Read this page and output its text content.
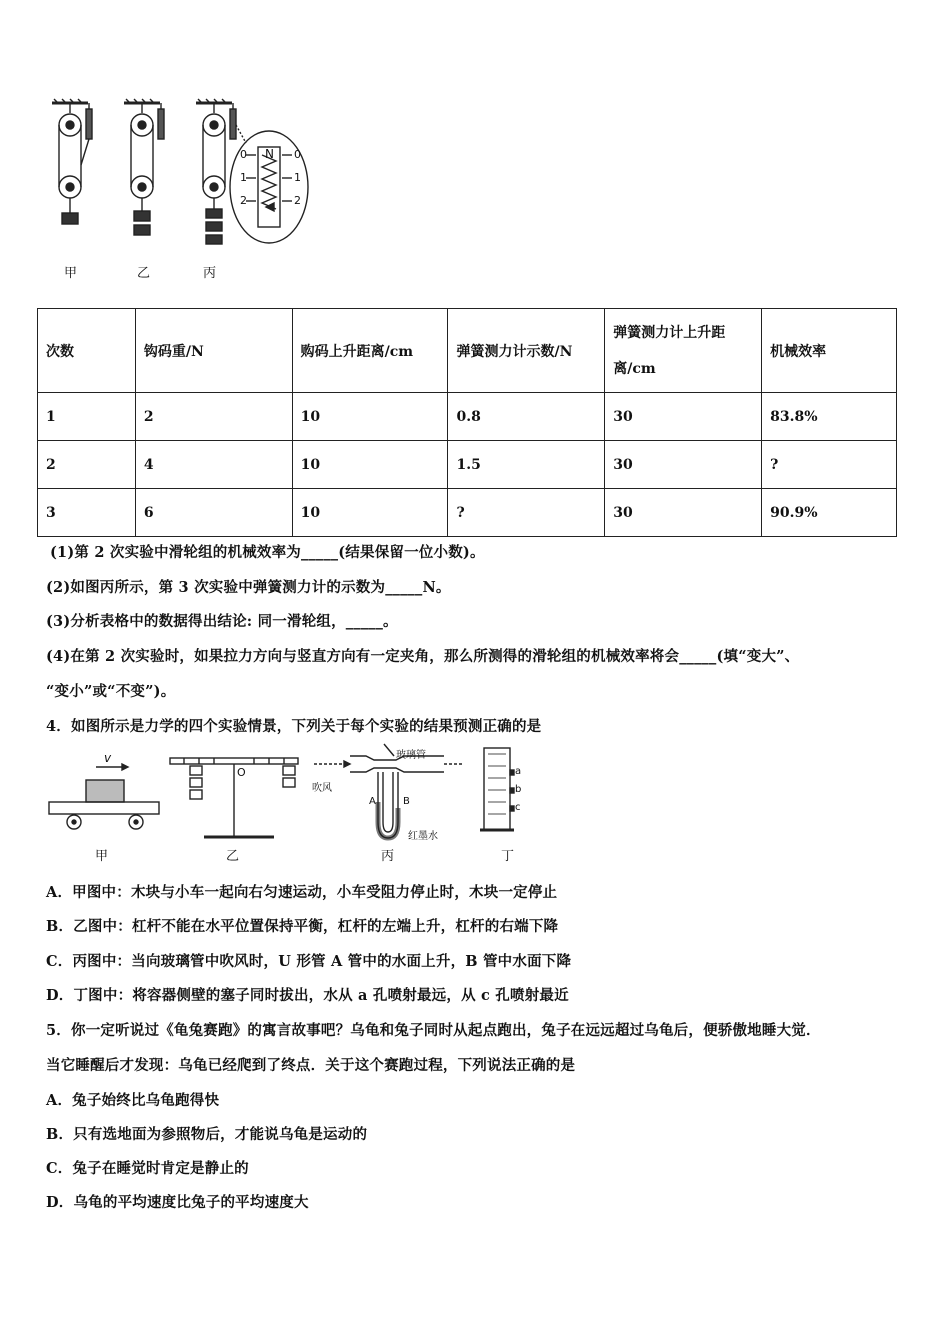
N
0
1
2
0
1
2
甲	乙	丙
次数	钩码重/N	购码上升距离/cm	弹簧测力计示数/N	弹簧测力计上升距离/cm	机械效率
1	2	10	0.8	30	83.8%
2	4	10	1.5	30	?
3	6	10	?	30	90.9%
(1)第 2 次实验中滑轮组的机械效率为_____(结果保留一位小数)。
(2)如图丙所示，第 3 次实验中弹簧测力计的示数为_____N。
(3)分析表格中的数据得出结论: 同一滑轮组，_____。
(4)在第 2 次实验时，如果拉力方向与竖直方向有一定夹角，那么所测得的滑轮组的机械效率将会_____(填“变大”、
“变小”或“不变”)。
4．如图所示是力学的四个实验情景，下列关于每个实验的结果预测正确的是
v
O
玻璃管
吹风
A	B
红墨水
a
b
c
甲	乙	丙	丁
A．甲图中：木块与小车一起向右匀速运动，小车受阻力停止时，木块一定停止
B．乙图中：杠杆不能在水平位置保持平衡，杠杆的左端上升，杠杆的右端下降
C．丙图中：当向玻璃管中吹风时，U 形管 A 管中的水面上升，B 管中水面下降
D．丁图中：将容器侧壁的塞子同时拔出，水从 a 孔喷射最远，从 c 孔喷射最近
5．你一定听说过《龟兔赛跑》的寓言故事吧？乌龟和兔子同时从起点跑出，兔子在远远超过乌龟后，便骄傲地睡大觉．
当它睡醒后才发现：乌龟已经爬到了终点．关于这个赛跑过程，下列说法正确的是
A．兔子始终比乌龟跑得快
B．只有选地面为参照物后，才能说乌龟是运动的
C．兔子在睡觉时肯定是静止的
D．乌龟的平均速度比兔子的平均速度大
